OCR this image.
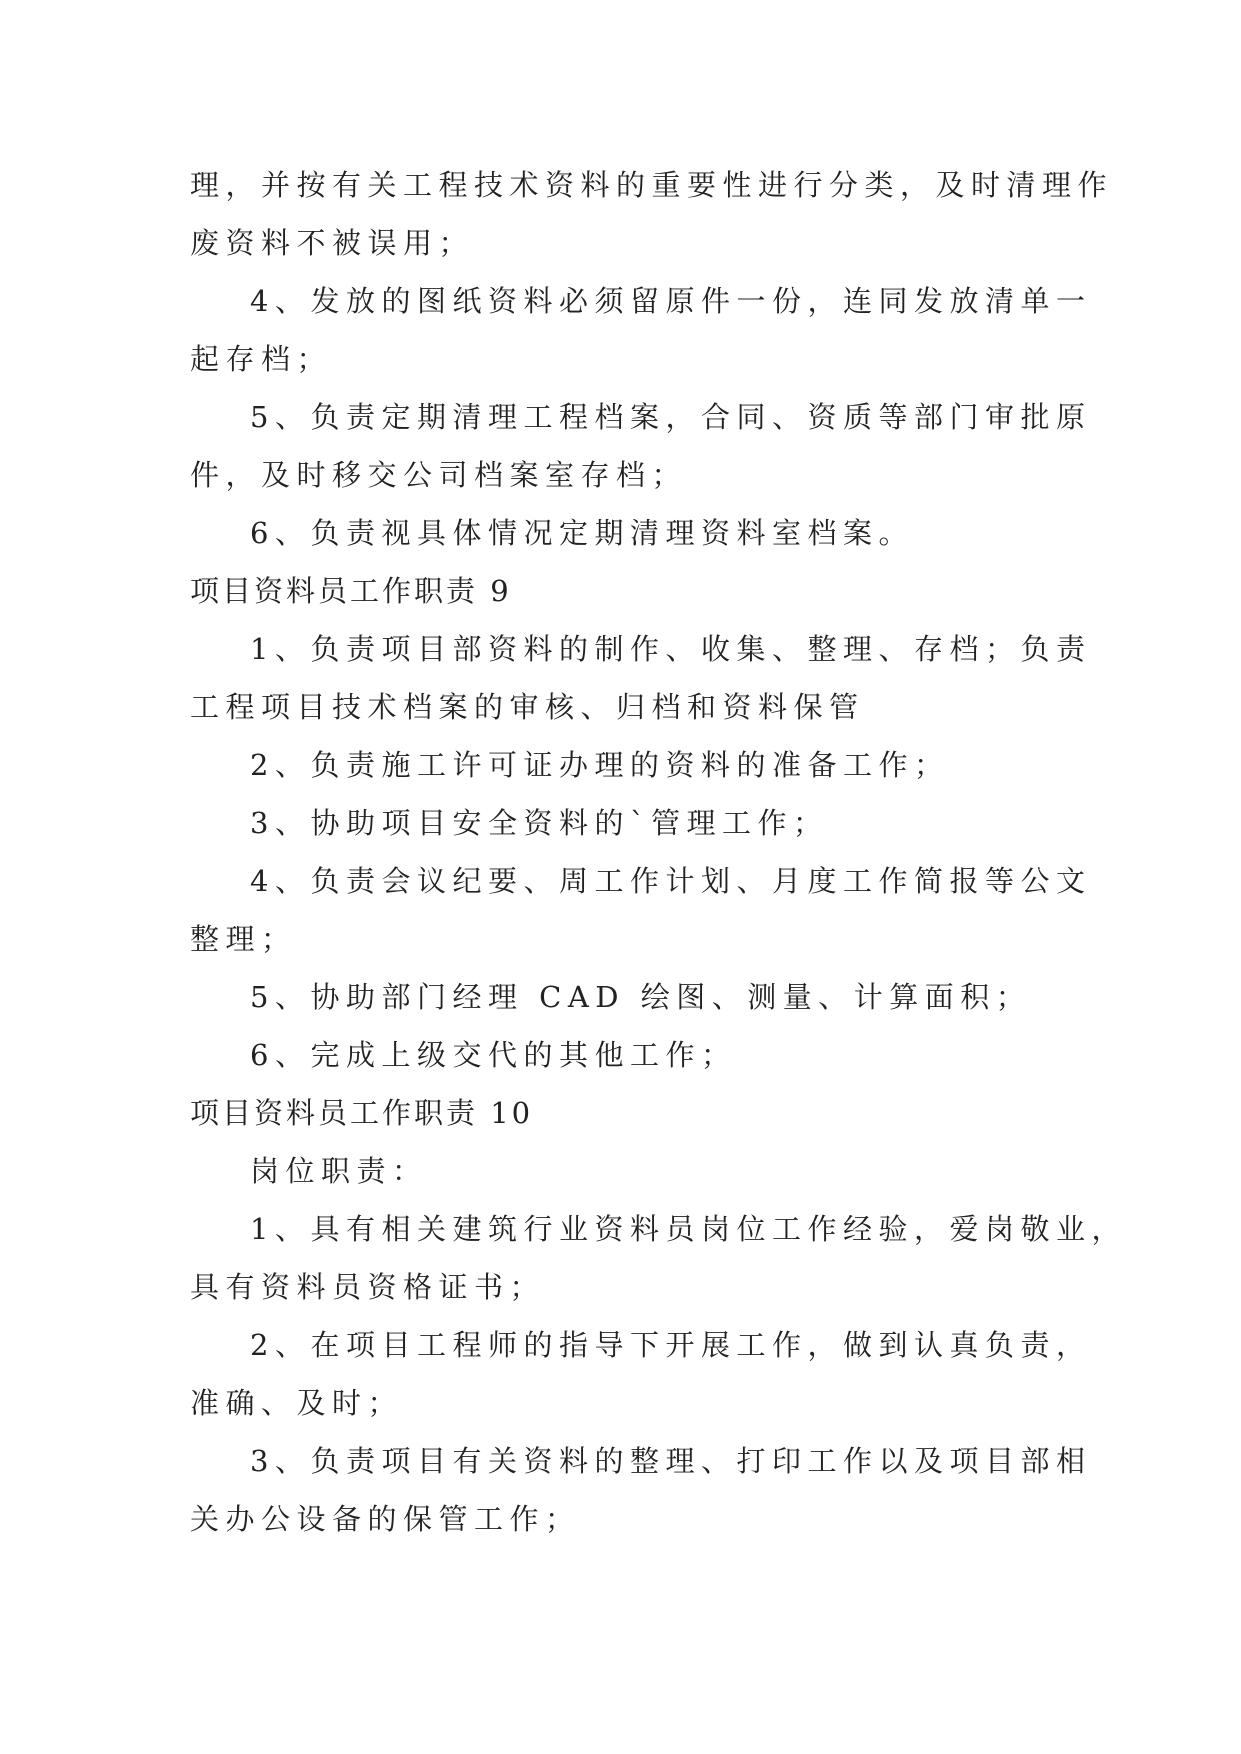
理，并按有关工程技术资料的重要性进行分类，及时清理作
废资料不被误用；
4、发放的图纸资料必须留原件一份，连同发放清单一
起存档；
5、负责定期清理工程档案，合同、资质等部门审批原
件，及时移交公司档案室存档；
6、负责视具体情况定期清理资料室档案。
项目资料员工作职责 9
1、负责项目部资料的制作、收集、整理、存档；负责
工程项目技术档案的审核、归档和资料保管
2、负责施工许可证办理的资料的准备工作；
3、协助项目安全资料的`管理工作；
4、负责会议纪要、周工作计划、月度工作简报等公文
整理；
5、协助部门经理 CAD 绘图、测量、计算面积；
6、完成上级交代的其他工作；
项目资料员工作职责 10
岗位职责：
1、具有相关建筑行业资料员岗位工作经验，爱岗敬业，
具有资料员资格证书；
2、在项目工程师的指导下开展工作，做到认真负责，
准确、及时；
3、负责项目有关资料的整理、打印工作以及项目部相
关办公设备的保管工作；
